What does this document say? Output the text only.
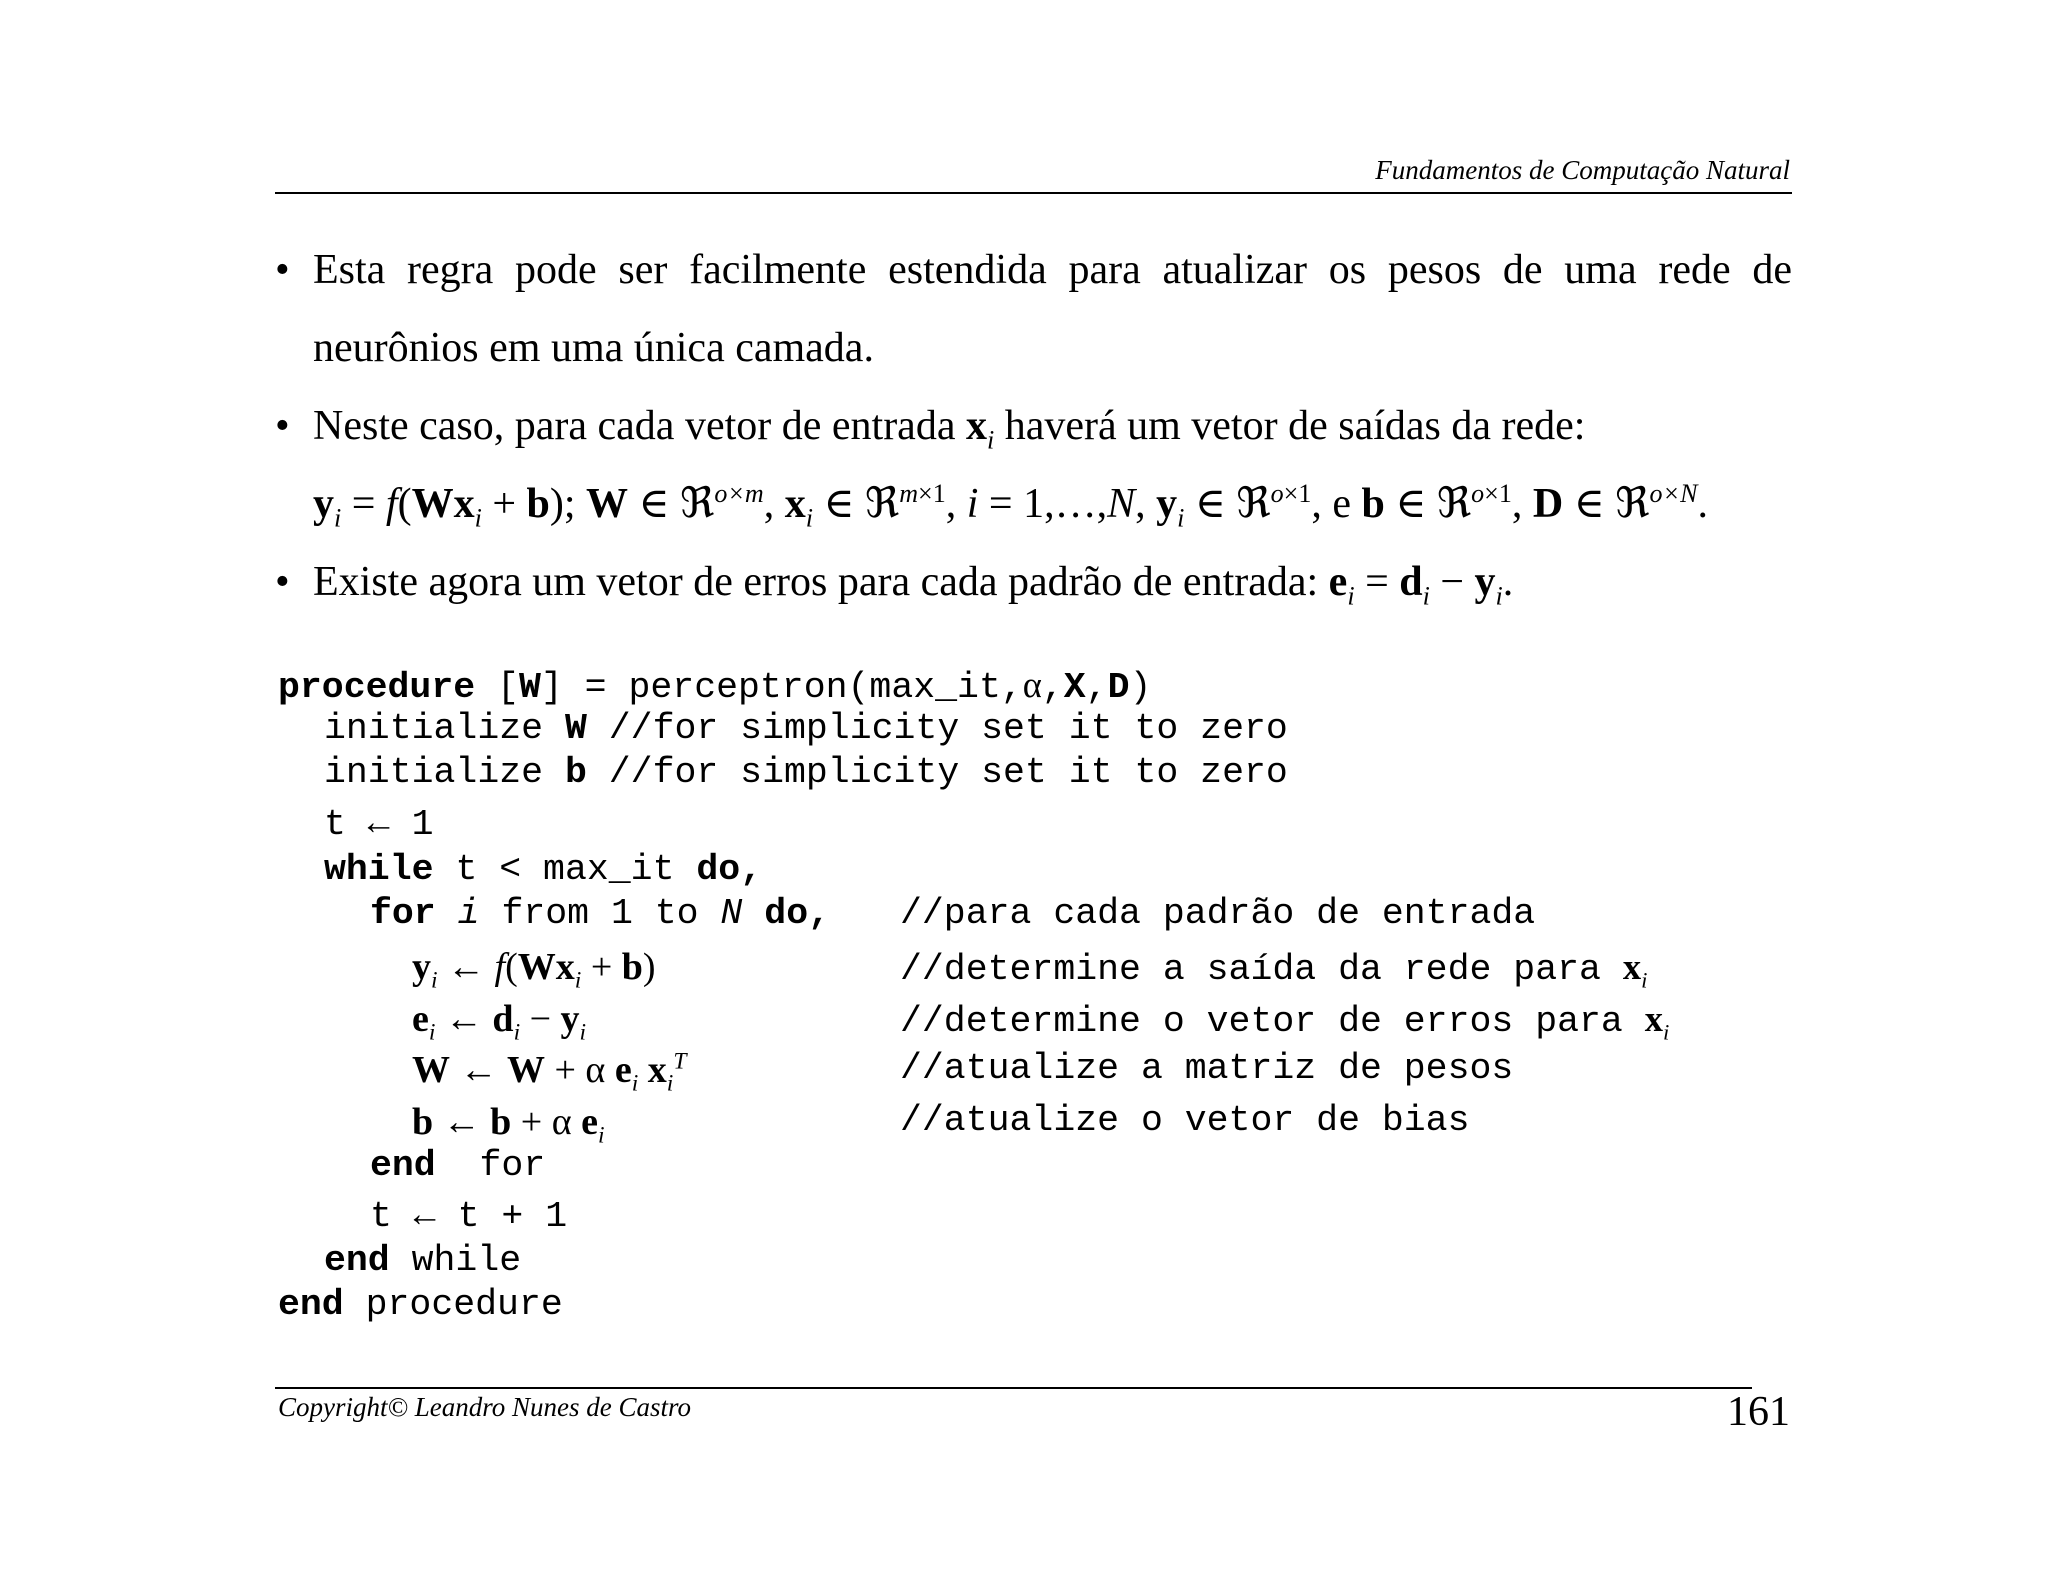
Fundamentos de Computação Natural
• Esta regra pode ser facilmente estendida para atualizar os pesos de uma rede de
neurônios em uma única camada.
• Neste caso, para cada vetor de entrada $x_i$ haverá um vetor de saídas da rede:
$y_i = f(Wx_i + b)$; W ∈ ℜ$^{o\times m}$, $x_i$ ∈ ℜ$^{m\times 1}$, i = 1,…,N, $y_i$ ∈ ℜ$^{o\times 1}$, e b ∈ ℜ$^{o\times 1}$, D ∈ ℜ$^{o\times N}$.
• Existe agora um vetor de erros para cada padrão de entrada: $e_i = d_i - y_i$.
procedure [W] = perceptron(max_it,α,X,D)
initialize W //for simplicity set it to zero
initialize b //for simplicity set it to zero
t ← 1
while t < max_it do,
for i from 1 to N do, //para cada padrão de entrada
$y_i$ ← $f(Wx_i + b)$	//determine a saída da rede para $x_i$
$e_i$ ← $d_i - y_i$	//determine o vetor de erros para $x_i$
W ← W + α $e_i$ $x_i^T$	//atualize a matriz de pesos
b ← b + α $e_i$	//atualize o vetor de bias
end for
t ← t + 1
end while
end procedure
Copyright© Leandro Nunes de Castro	161
